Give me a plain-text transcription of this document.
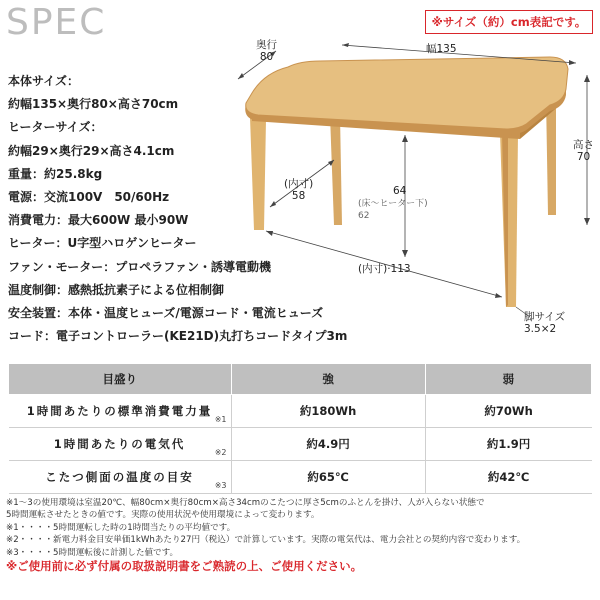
SPEC	※サイズ（約）cm表記です。
本体サイズ：
約幅135×奥行80×高さ70cm
ヒーターサイズ：
約幅29×奥行29×高さ4.1cm
重量：約25.8kg
電源：交流100V　50/60Hz
消費電力：最大600W 最小90W
ヒーター：U字型ハロゲンヒーター
ファン・モーター：プロペラファン・誘導電動機
温度制御：感熱抵抗素子による位相制御
安全装置：本体・温度ヒューズ/電源コード・電流ヒューズ
コード：電子コントローラー(KE21D)丸打ちコードタイプ3m
奥行
80
幅135
高さ
70
(内寸)
58	64
(床〜ヒーター下)
62
(内寸)·113
脚サイズ
3.5×2
目盛り	強	弱
1時間あたりの標準消費電力量
※1	約180Wh	約70Wh
1時間あたりの電気代
※2	約4.9円	約1.9円
こたつ側面の温度の目安
※3	約65℃	約42℃
※1〜3の使用環境は室温20℃、幅80cm×奥行80cm×高さ34cmのこたつに厚さ5cmのふとんを掛け、人が入らない状態で
5時間運転させたときの値です。実際の使用状況や使用環境によって変わります。
※1・・・・5時間運転した時の1時間当たりの平均値です。
※2・・・・新電力料金目安単価1kWhあたり27円（税込）で計算しています。実際の電気代は、電力会社との契約内容で変わります。
※3・・・・5時間運転後に計測した値です。
※ご使用前に必ず付属の取扱説明書をご熟読の上、ご使用ください。
